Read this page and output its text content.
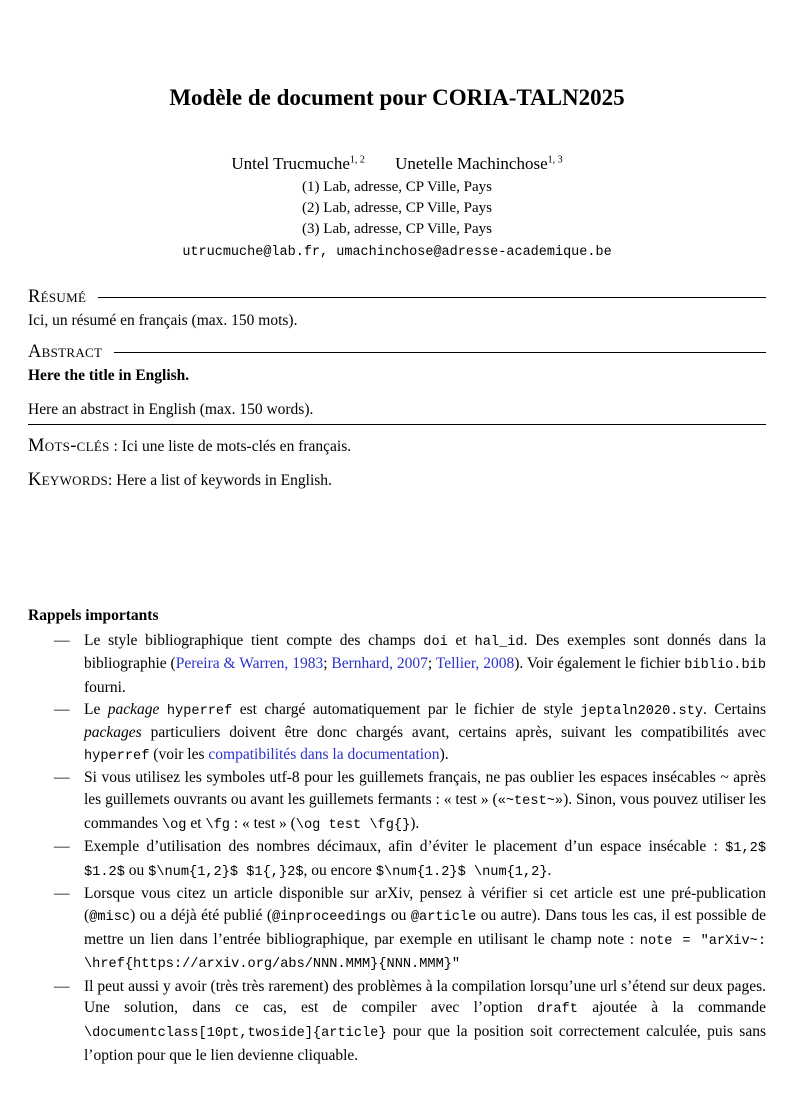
Modèle de document pour CORIA-TALN2025
Untel Trucmuche$^{1, 2}$ Unetelle Machinchose$^{1, 3}$
(1) Lab, adresse, CP Ville, Pays
(2) Lab, adresse, CP Ville, Pays
(3) Lab, adresse, CP Ville, Pays
utrucmuche@lab.fr, umachinchose@adresse-academique.be
Résumé

Ici, un résumé en français (max. 150 mots).

Abstract

Here the title in English.

Here an abstract in English (max. 150 words).

Mots-clés : Ici une liste de mots-clés en français.

Keywords: Here a list of keywords in English.

Rappels importants

— Le style bibliographique tient compte des champs doi et hal_id. Des exemples sont donnés dans la bibliographie (Pereira & Warren, 1983; Bernhard, 2007; Tellier, 2008). Voir également le fichier biblio.bib fourni.
— Le package hyperref est chargé automatiquement par le fichier de style jeptaln2020.sty. Certains packages particuliers doivent être donc chargés avant, certains après, suivant les compatibilités avec hyperref (voir les compatibilités dans la documentation).
— Si vous utilisez les symboles utf-8 pour les guillemets français, ne pas oublier les espaces insécables ~ après les guillemets ouvrants ou avant les guillemets fermants : « test » («~test~»). Sinon, vous pouvez utiliser les commandes \og et \fg : « test » (\og test \fg{}).
— Exemple d’utilisation des nombres décimaux, afin d’éviter le placement d’un espace insécable : $1,2$ $1.2$ ou $\num{1,2}$ $1{,}2$, ou encore $\num{1.2}$ \num{1,2}.
— Lorsque vous citez un article disponible sur arXiv, pensez à vérifier si cet article est une pré-publication (@misc) ou a déjà été publié (@inproceedings ou @article ou autre). Dans tous les cas, il est possible de mettre un lien dans l’entrée bibliographique, par exemple en utilisant le champ note : note = "arXiv~: \href{https://arxiv.org/abs/NNN.MMM}{NNN.MMM}"
— Il peut aussi y avoir (très très rarement) des problèmes à la compilation lorsqu’une url s’étend sur deux pages. Une solution, dans ce cas, est de compiler avec l’option draft ajoutée à la commande \documentclass[10pt,twoside]{article} pour que la position soit correctement calculée, puis sans l’option pour que le lien devienne cliquable.
